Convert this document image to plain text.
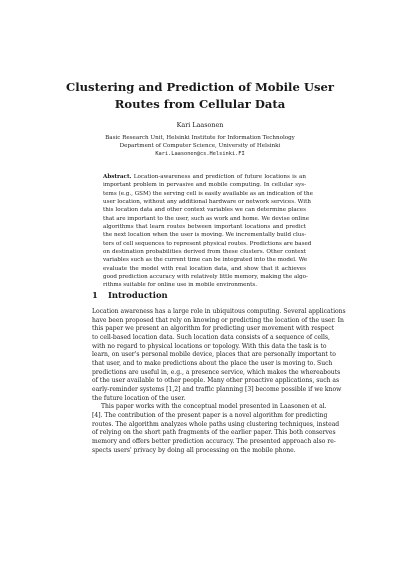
Clustering and Prediction of Mobile User
Routes from Cellular Data
Kari Laasonen
Basic Research Unit, Helsinki Institute for Information Technology
Department of Computer Science, University of Helsinki
Kari.Laasonen@cs.Helsinki.FI
Abstract. Location-awareness and prediction of future locations is an
important problem in pervasive and mobile computing. In cellular sys-
tems (e.g., GSM) the serving cell is easily available as an indication of the
user location, without any additional hardware or network services. With
this location data and other context variables we can determine places
that are important to the user, such as work and home. We devise online
algorithms that learn routes between important locations and predict
the next location when the user is moving. We incrementally build clus-
ters of cell sequences to represent physical routes. Predictions are based
on destination probabilities derived from these clusters. Other context
variables such as the current time can be integrated into the model. We
evaluate the model with real location data, and show that it achieves
good prediction accuracy with relatively little memory, making the algo-
rithms suitable for online use in mobile environments.
1 Introduction
Location awareness has a large role in ubiquitous computing. Several applications
have been proposed that rely on knowing or predicting the location of the user. In
this paper we present an algorithm for predicting user movement with respect
to cell-based location data. Such location data consists of a sequence of cells,
with no regard to physical locations or topology. With this data the task is to
learn, on user's personal mobile device, places that are personally important to
that user, and to make predictions about the place the user is moving to. Such
predictions are useful in, e.g., a presence service, which makes the whereabouts
of the user available to other people. Many other proactive applications, such as
early-reminder systems [1,2] and traffic planning [3] become possible if we know
the future location of the user.
This paper works with the conceptual model presented in Laasonen et al.
[4]. The contribution of the present paper is a novel algorithm for predicting
routes. The algorithm analyzes whole paths using clustering techniques, instead
of relying on the short path fragments of the earlier paper. This both conserves
memory and offers better prediction accuracy. The presented approach also re-
spects users' privacy by doing all processing on the mobile phone.
